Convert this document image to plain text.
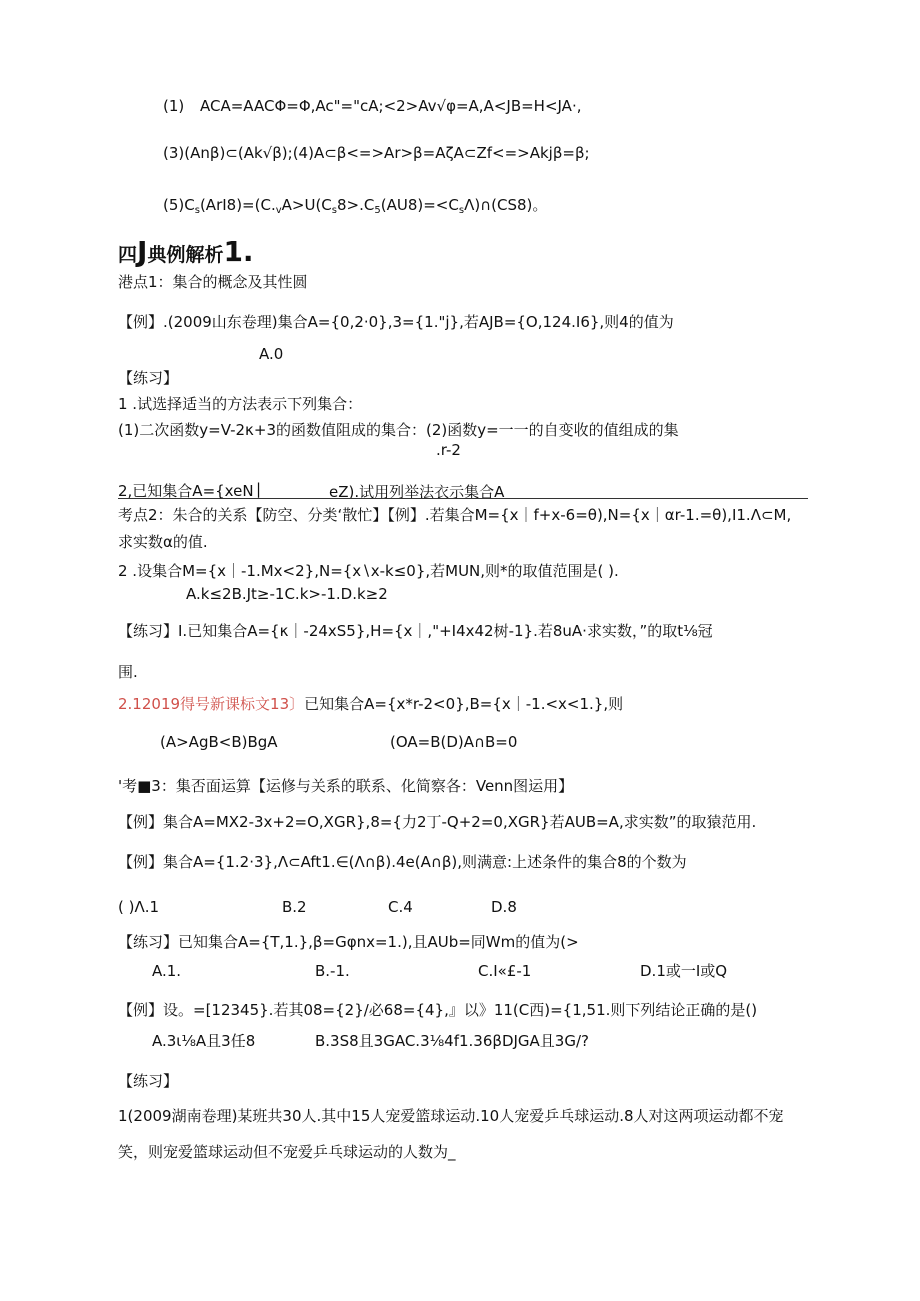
(1) ACA=AACΦ=Φ,Ac"="cA;<2>Av√φ=A,A<JB=H<JA·,
(3)(Anβ)⊂(Ak√β);(4)A⊂β<=>Ar>β=AζA⊂Zf<=>Akjβ=β;
$(5)C_s(ArI8)=(C._vA>U(C_s8>.C_5(AU8)=<C_s\Lambda)\cap(CS8)$。
四J典例解析1.
港点1：集合的概念及其性圆
【例】.(2009山东卷理)集合A={0,2·0},3={1."j},若AJB={O,124.I6},则4的值为
A.0
【练习】
1 .试选择适当的方法表示下列集合：
(1)二次函数y=V-2κ+3的函数值阻成的集合：(2)函数y=一一的自变收的值组成的集
.r-2
2,已知集合A={xeN |	eZ).试用列举法衣示集合A
考点2：朱合的关系【防空、分类‘散忙】【例】.若集合M={x｜f+x-6=θ),N={x｜αr-1.=θ),I1.Λ⊂M,
求实数α的值.
2 .设集合M={x｜-1.Mx<2},N={x∖x-k≤0},若MUN,则*的取值范围是( ).
A.k≤2B.Jt≥-1C.k>-1.D.k≥2
【练习】I.已知集合A={κ｜-24xS5},H={x｜,"+I4x42树-1}.若8uA·求实数，”的取t⅛冠
围.
2.12019得号新课标文13〕已知集合A={x*r-2<0},B={x｜-1.<x<1.},则
(A>AgB<B)BgA	(OA=B(D)A∩B=0
'考■3：集否面运算【运修与关系的联系、化简察各：Venn图运用】
【例】集合A=MX2-3x+2=O,XGR},8={力2丁-Q+2=0,XGR}若AUB=A,求实数”的取猿范用.
【例】集合A={1.2·3},Λ⊂Aft1.∈(Λ∩β).4e(A∩β),则满意:上述条件的集合8的个数为
( )Λ.1	B.2	C.4	D.8
【练习】已知集合A={T,1.},β=Gφnx=1.),且AUb=同Wm的值为(>
A.1.	B.-1.	C.I«£-1	D.1或一I或Q
【例】设。=[12345}.若其08={2}/必68={4},』以》11(C西)={1,51.则下列结论正确的是()
A.3ι⅛A且3任8	B.3S8且3GAC.3⅛4f1.36βDJGA且3G/?
【练习】
1(2009湖南卷理)某班共30人.其中15人宠爱篮球运动.10人宠爱乒乓球运动.8人对这两项运动都不宠
笑，则宠爱篮球运动但不宠爱乒乓球运动的人数为_
